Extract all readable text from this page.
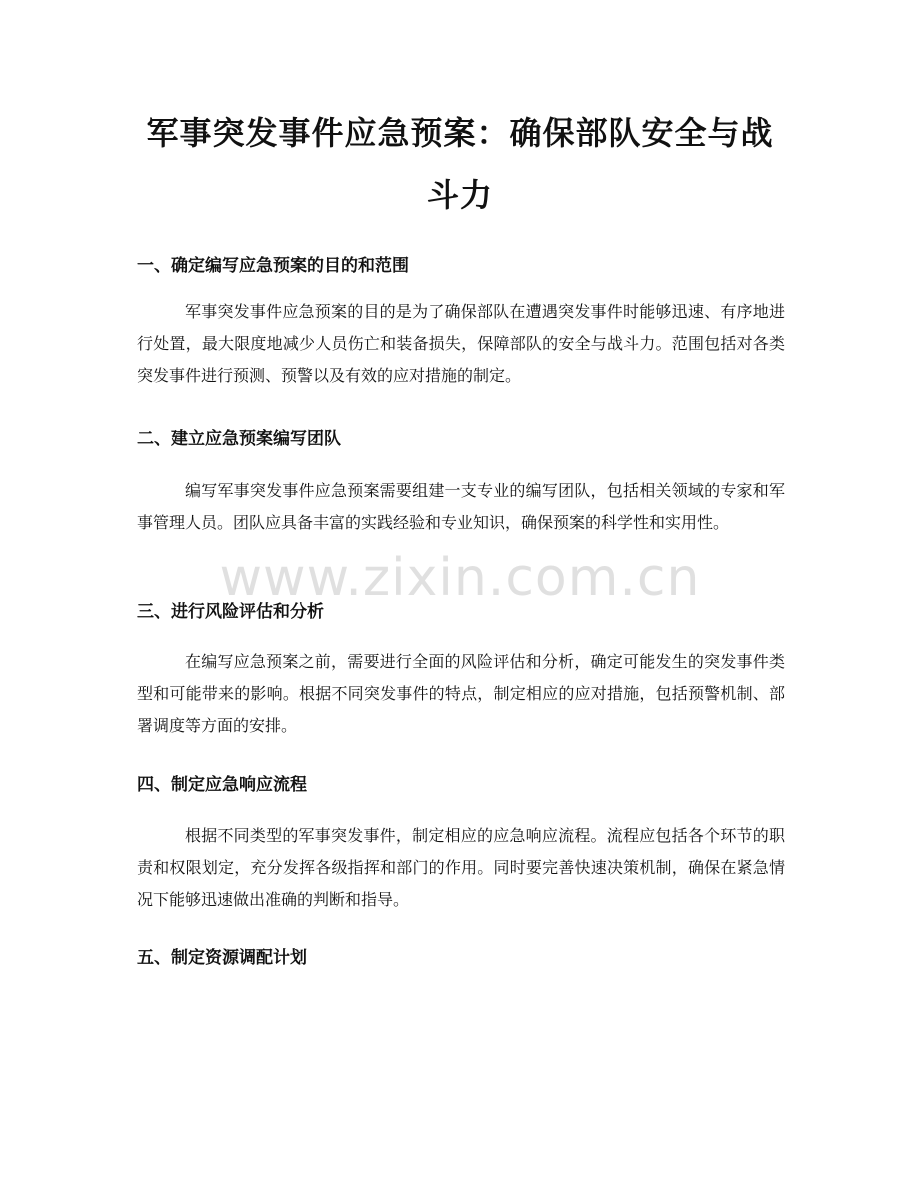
军事突发事件应急预案：确保部队安全与战斗力
一、确定编写应急预案的目的和范围

军事突发事件应急预案的目的是为了确保部队在遭遇突发事件时能够迅速、有序地进行处置，最大限度地减少人员伤亡和装备损失，保障部队的安全与战斗力。范围包括对各类突发事件进行预测、预警以及有效的应对措施的制定。

二、建立应急预案编写团队

编写军事突发事件应急预案需要组建一支专业的编写团队，包括相关领域的专家和军事管理人员。团队应具备丰富的实践经验和专业知识，确保预案的科学性和实用性。

三、进行风险评估和分析

在编写应急预案之前，需要进行全面的风险评估和分析，确定可能发生的突发事件类型和可能带来的影响。根据不同突发事件的特点，制定相应的应对措施，包括预警机制、部署调度等方面的安排。

四、制定应急响应流程

根据不同类型的军事突发事件，制定相应的应急响应流程。流程应包括各个环节的职责和权限划定，充分发挥各级指挥和部门的作用。同时要完善快速决策机制，确保在紧急情况下能够迅速做出准确的判断和指导。

五、制定资源调配计划
www.zixin.com.cn
